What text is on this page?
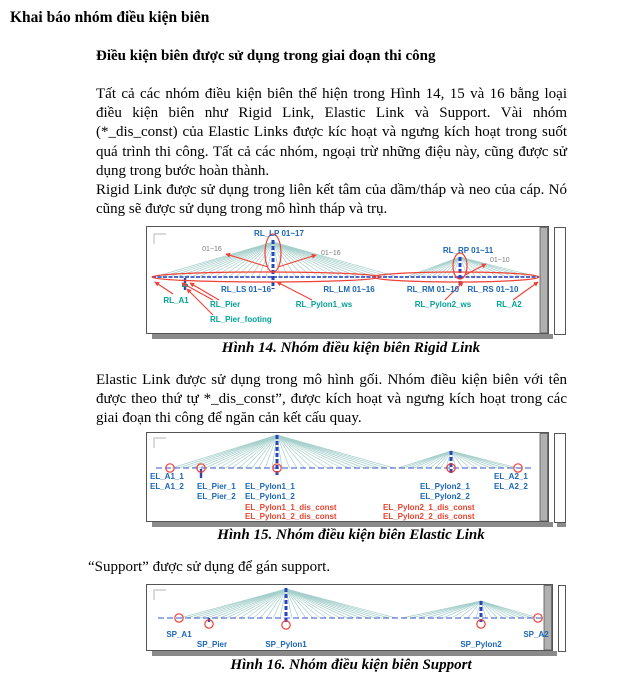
Khai báo nhóm điều kiện biên
Điều kiện biên được sử dụng trong giai đoạn thi công

Tất cả các nhóm điều kiện biên thể hiện trong Hình 14, 15 và 16 bằng loại điều kiện biên như Rigid Link, Elastic Link và Support. Vài nhóm (*_dis_const) của Elastic Links được kíc hoạt và ngưng kích hoạt trong suốt quá trình thi công. Tất cả các nhóm, ngoại trừ những điệu này, cũng được sử dụng trong bước hoàn thành.

Rigid Link được sử dụng trong liên kết tâm của dầm/tháp và neo của cáp. Nó cũng sẽ được sử dụng trong mô hình tháp và trụ.

RL_LP 01~17
RL_RP 01~11
01~16
01~16
01~10
RL_LS 01~16	RL_LM 01~16	RL_RM 01~10 RL_RS 01~10
RL_A1	RL_Pier
RL_Pier_footing
RL_Pylon1_ws	RL_Pylon2_ws	RL_A2
Hình 14. Nhóm điều kiện biên Rigid Link

Elastic Link được sử dụng trong mô hình gối. Nhóm điều kiện biên với tên được theo thứ tự *_dis_const”, được kích hoạt và ngưng kích hoạt trong các giai đoạn thi công để ngăn cản kết cấu quay.

EL_A1_1
EL_A1_2 EL_Pier_1
EL_Pier_2
EL_Pylon1_1
EL_Pylon1_2
EL_Pylon2_1
EL_Pylon2_2
EL_A2_1
EL_A2_2
EL_Pylon1_1_dis_const
EL_Pylon1_2_dis_const
EL_Pylon2_1_dis_const
EL_Pylon2_2_dis_const
Hình 15. Nhóm điều kiện biên Elastic Link
“Support” được sử dụng để gán support.
SP_A1
SP_Pier	SP_Pylon1	SP_Pylon2
SP_A2
Hình 16. Nhóm điều kiện biên Support
